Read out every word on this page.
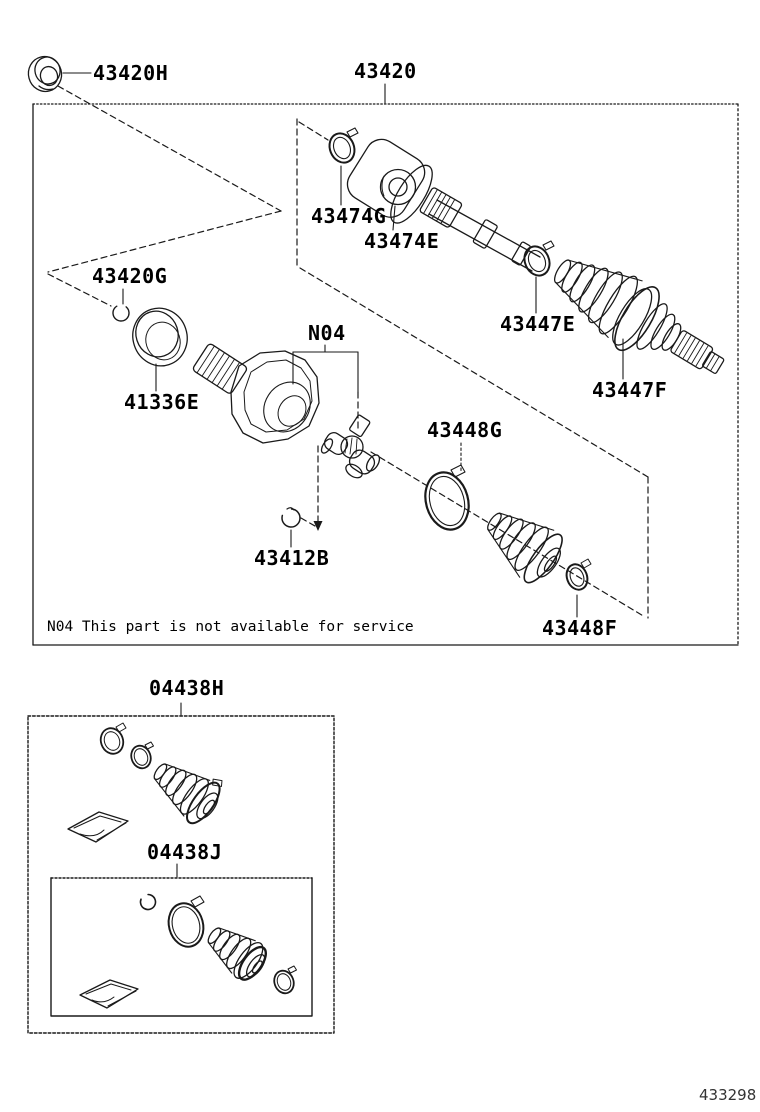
43420H	43420
43474G
43474E
43447E
43447F
43420G
41336E
N04
43448G
43412B
43448F
04438H
04438J
N04 This part is not available for service
433298
